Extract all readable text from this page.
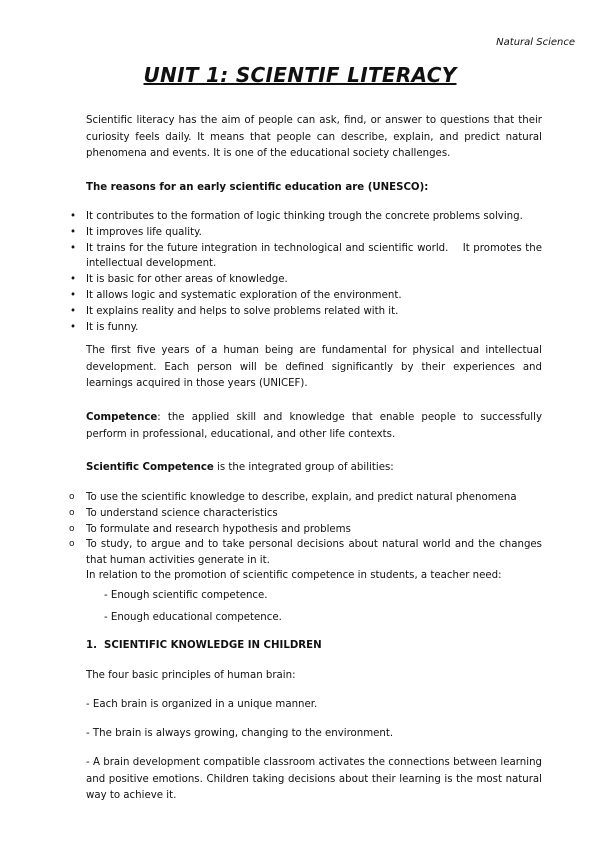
Natural Science
UNIT 1: SCIENTIF LITERACY

Scientific literacy has the aim of people can ask, find, or answer to questions that their curiosity feels daily. It means that people can describe, explain, and predict natural phenomena and events. It is one of the educational society challenges.

The reasons for an early scientific education are (UNESCO):

• It contributes to the formation of logic thinking trough the concrete problems solving.
• It improves life quality.
• It trains for the future integration in technological and scientific world.    It promotes the intellectual development.
• It is basic for other areas of knowledge.
• It allows logic and systematic exploration of the environment.
• It explains reality and helps to solve problems related with it.
• It is funny.

The first five years of a human being are fundamental for physical and intellectual development. Each person will be defined significantly by their experiences and learnings acquired in those years (UNICEF).

Competence: the applied skill and knowledge that enable people to successfully perform in professional, educational, and other life contexts.

Scientific Competence is the integrated group of abilities:

o To use the scientific knowledge to describe, explain, and predict natural phenomena
o To understand science characteristics
o To formulate and research hypothesis and problems
o To study, to argue and to take personal decisions about natural world and the changes that human activities generate in it.

In relation to the promotion of scientific competence in students, a teacher need:

- Enough scientific competence.
- Enough educational competence.
1. SCIENTIFIC KNOWLEDGE IN CHILDREN

The four basic principles of human brain:

- Each brain is organized in a unique manner.

- The brain is always growing, changing to the environment.

- A brain development compatible classroom activates the connections between learning and positive emotions. Children taking decisions about their learning is the most natural way to achieve it.
